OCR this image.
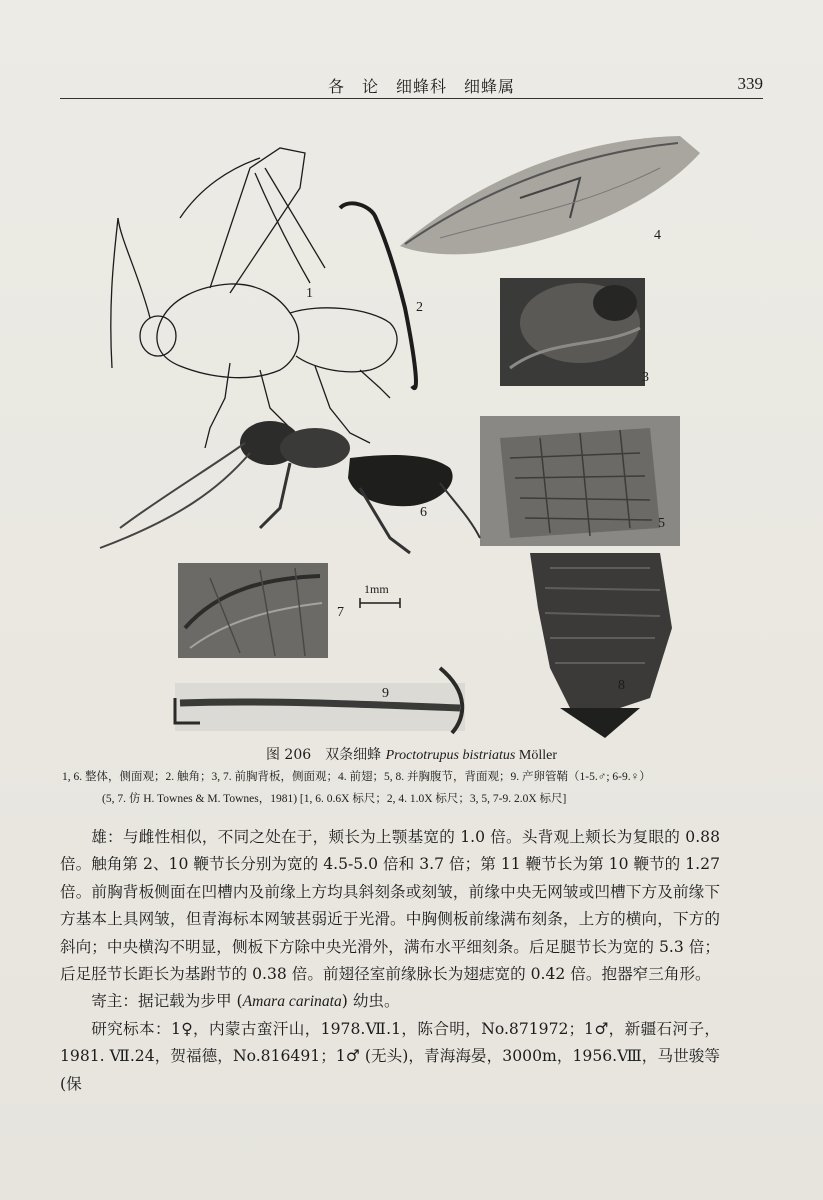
各　论　细蜂科　细蜂属	339
4
1
2
3
5
6
7
8
9
1mm
图 206　双条细蜂 Proctotrupus bistriatus Möller
1, 6. 整体，侧面观；2. 触角；3, 7. 前胸背板，侧面观；4. 前翅；5, 8. 并胸腹节，背面观；9. 产卵管鞘（1-5.♂; 6-9.♀）
(5, 7. 仿 H. Townes & M. Townes，1981) [1, 6. 0.6X 标尺；2, 4. 1.0X 标尺；3, 5, 7-9. 2.0X 标尺]

雄：与雌性相似，不同之处在于，颊长为上颚基宽的 1.0 倍。头背观上颊长为复眼的 0.88 倍。触角第 2、10 鞭节长分别为宽的 4.5-5.0 倍和 3.7 倍；第 11 鞭节长为第 10 鞭节的 1.27 倍。前胸背板侧面在凹槽内及前缘上方均具斜刻条或刻皱，前缘中央无网皱或凹槽下方及前缘下方基本上具网皱，但青海标本网皱甚弱近于光滑。中胸侧板前缘满布刻条，上方的横向，下方的斜向；中央横沟不明显，侧板下方除中央光滑外，满布水平细刻条。后足腿节长为宽的 5.3 倍；后足胫节长距长为基跗节的 0.38 倍。前翅径室前缘脉长为翅痣宽的 0.42 倍。抱器窄三角形。

寄主：据记载为步甲 (Amara carinata) 幼虫。

研究标本：1♀，内蒙古蛮汗山，1978.Ⅶ.1，陈合明，No.871972；1♂，新疆石河子，1981. Ⅶ.24，贺福德，No.816491；1♂ (无头)，青海海晏，3000m，1956.Ⅷ，马世骏等 (保
